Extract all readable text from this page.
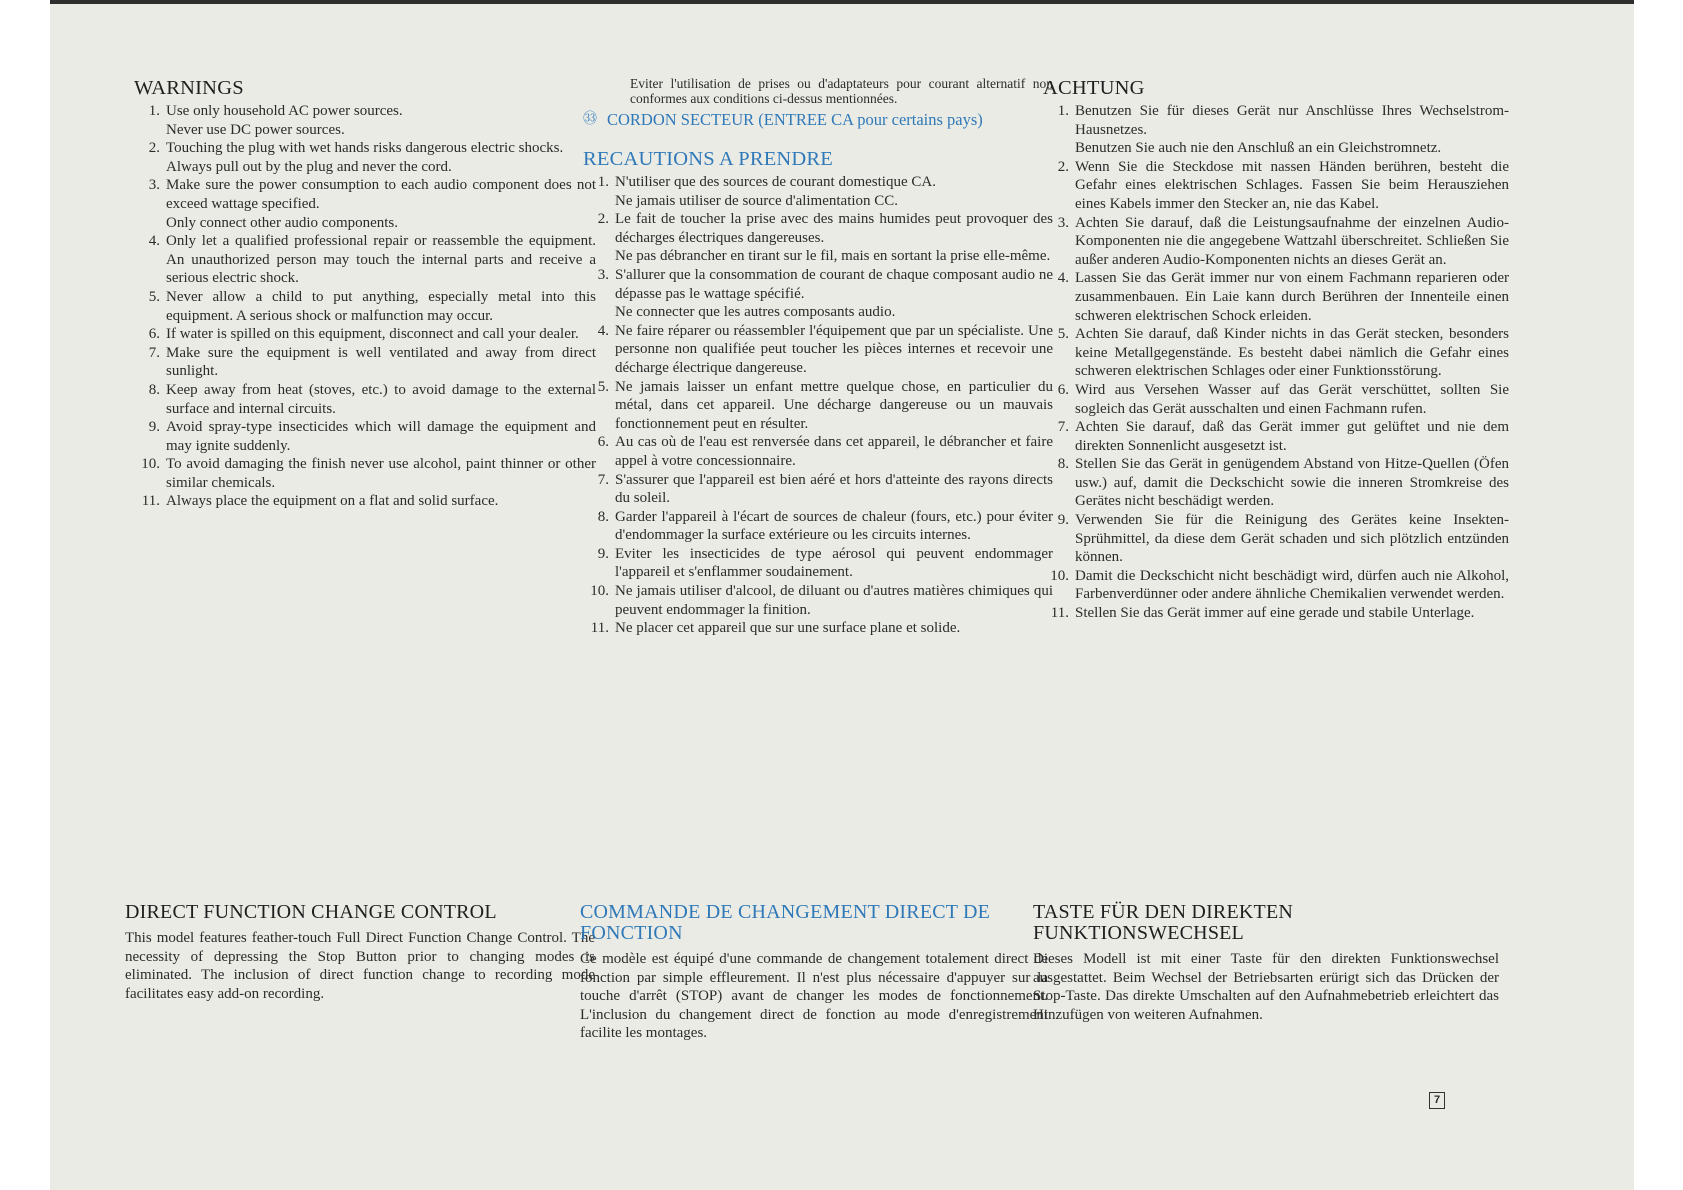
WARNINGS
1. Use only household AC power sources.
Never use DC power sources.
2. Touching the plug with wet hands risks dangerous electric shocks.
Always pull out by the plug and never the cord.
3. Make sure the power consumption to each audio component does not exceed wattage specified.
Only connect other audio components.
4. Only let a qualified professional repair or reassemble the equipment. An unauthorized person may touch the internal parts and receive a serious electric shock.
5. Never allow a child to put anything, especially metal into this equipment. A serious shock or malfunction may occur.
6. If water is spilled on this equipment, disconnect and call your dealer.
7. Make sure the equipment is well ventilated and away from direct sunlight.
8. Keep away from heat (stoves, etc.) to avoid damage to the external surface and internal circuits.
9. Avoid spray-type insecticides which will damage the equipment and may ignite suddenly.
10. To avoid damaging the finish never use alcohol, paint thinner or other similar chemicals.
11. Always place the equipment on a flat and solid surface.
Eviter l'utilisation de prises ou d'adaptateurs pour courant alternatif non conformes aux conditions ci-dessus mentionnées.
㉝ CORDON SECTEUR (ENTREE CA pour certains pays)
RECAUTIONS A PRENDRE
1. N'utiliser que des sources de courant domestique CA.
Ne jamais utiliser de source d'alimentation CC.
2. Le fait de toucher la prise avec des mains humides peut provoquer des décharges électriques dangereuses.
Ne pas débrancher en tirant sur le fil, mais en sortant la prise elle-même.
3. S'allurer que la consommation de courant de chaque composant audio ne dépasse pas le wattage spécifié.
Ne connecter que les autres composants audio.
4. Ne faire réparer ou réassembler l'équipement que par un spécialiste. Une personne non qualifiée peut toucher les pièces internes et recevoir une décharge électrique dangereuse.
5. Ne jamais laisser un enfant mettre quelque chose, en particulier du métal, dans cet appareil. Une décharge dangereuse ou un mauvais fonctionnement peut en résulter.
6. Au cas où de l'eau est renversée dans cet appareil, le débrancher et faire appel à votre concessionnaire.
7. S'assurer que l'appareil est bien aéré et hors d'atteinte des rayons directs du soleil.
8. Garder l'appareil à l'écart de sources de chaleur (fours, etc.) pour éviter d'endommager la surface extérieure ou les circuits internes.
9. Eviter les insecticides de type aérosol qui peuvent endommager l'appareil et s'enflammer soudainement.
10. Ne jamais utiliser d'alcool, de diluant ou d'autres matières chimiques qui peuvent endommager la finition.
11. Ne placer cet appareil que sur une surface plane et solide.
ACHTUNG
1. Benutzen Sie für dieses Gerät nur Anschlüsse Ihres Wechselstrom-Hausnetzes.
Benutzen Sie auch nie den Anschluß an ein Gleichstromnetz.
2. Wenn Sie die Steckdose mit nassen Händen berühren, besteht die Gefahr eines elektrischen Schlages. Fassen Sie beim Herausziehen eines Kabels immer den Stecker an, nie das Kabel.
3. Achten Sie darauf, daß die Leistungsaufnahme der einzelnen Audio-Komponenten nie die angegebene Wattzahl überschreitet. Schließen Sie außer anderen Audio-Komponenten nichts an dieses Gerät an.
4. Lassen Sie das Gerät immer nur von einem Fachmann reparieren oder zusammenbauen. Ein Laie kann durch Berühren der Innenteile einen schweren elektrischen Schock erleiden.
5. Achten Sie darauf, daß Kinder nichts in das Gerät stecken, besonders keine Metallgegenstände. Es besteht dabei nämlich die Gefahr eines schweren elektrischen Schlages oder einer Funktionsstörung.
6. Wird aus Versehen Wasser auf das Gerät verschüttet, sollten Sie sogleich das Gerät ausschalten und einen Fachmann rufen.
7. Achten Sie darauf, daß das Gerät immer gut gelüftet und nie dem direkten Sonnenlicht ausgesetzt ist.
8. Stellen Sie das Gerät in genügendem Abstand von Hitze-Quellen (Öfen usw.) auf, damit die Deckschicht sowie die inneren Stromkreise des Gerätes nicht beschädigt werden.
9. Verwenden Sie für die Reinigung des Gerätes keine Insekten-Sprühmittel, da diese dem Gerät schaden und sich plötzlich entzünden können.
10. Damit die Deckschicht nicht beschädigt wird, dürfen auch nie Alkohol, Farbenverdünner oder andere ähnliche Chemikalien verwendet werden.
11. Stellen Sie das Gerät immer auf eine gerade und stabile Unterlage.
DIRECT FUNCTION CHANGE CONTROL

This model features feather-touch Full Direct Function Change Control. The necessity of depressing the Stop Button prior to changing modes is eliminated. The inclusion of direct function change to recording mode facilitates easy add-on recording.

COMMANDE DE CHANGEMENT DIRECT DE FONCTION

Ce modèle est équipé d'une commande de changement totalement direct de fonction par simple effleurement. Il n'est plus nécessaire d'appuyer sur la touche d'arrêt (STOP) avant de changer les modes de fonctionnement. L'inclusion du changement direct de fonction au mode d'enregistrement facilite les montages.

TASTE FÜR DEN DIREKTEN FUNKTIONSWECHSEL

Dieses Modell ist mit einer Taste für den direkten Funktionswechsel ausgestattet. Beim Wechsel der Betriebsarten erürigt sich das Drücken der Stop-Taste. Das direkte Umschalten auf den Aufnahmebetrieb erleichtert das Hinzufügen von weiteren Aufnahmen.

7
